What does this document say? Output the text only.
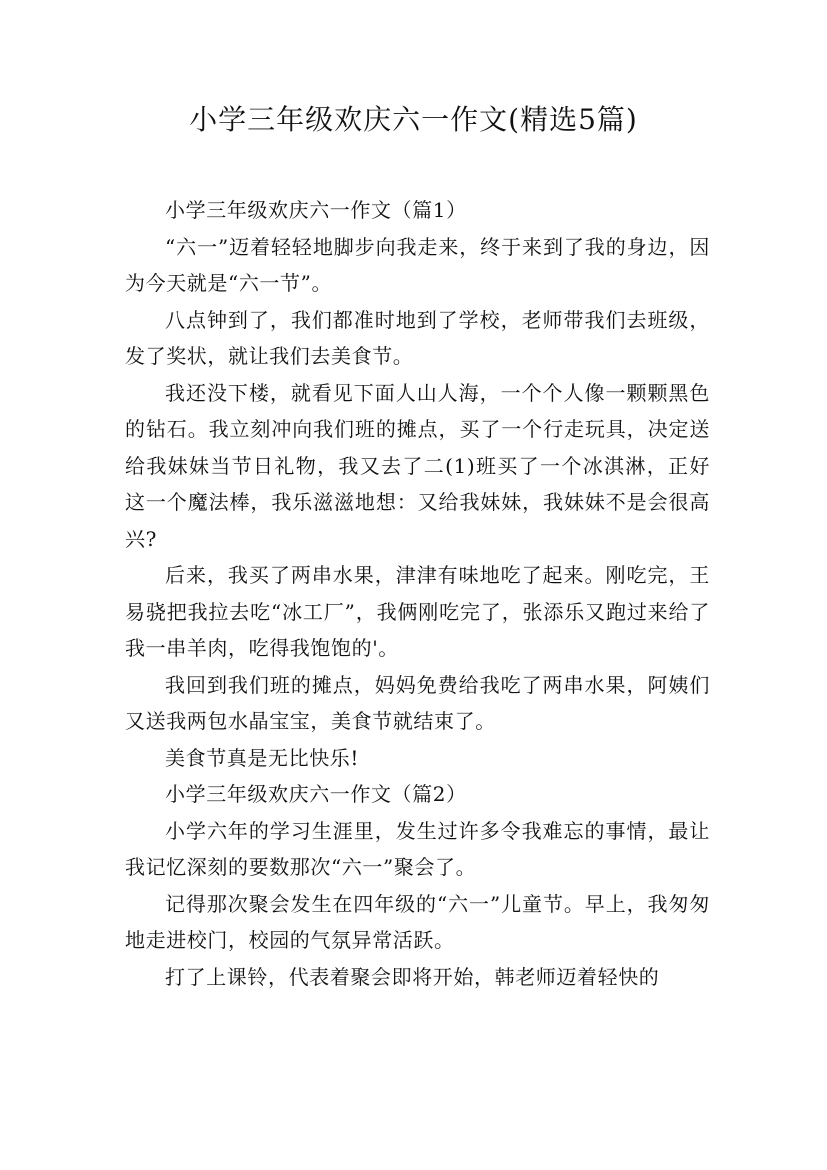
小学三年级欢庆六一作文(精选5篇)

小学三年级欢庆六一作文（篇1）

“六一”迈着轻轻地脚步向我走来，终于来到了我的身边，因为今天就是“六一节”。

八点钟到了，我们都准时地到了学校，老师带我们去班级，发了奖状，就让我们去美食节。

我还没下楼，就看见下面人山人海，一个个人像一颗颗黑色的钻石。我立刻冲向我们班的摊点，买了一个行走玩具，决定送给我妹妹当节日礼物，我又去了二(1)班买了一个冰淇淋，正好这一个魔法棒，我乐滋滋地想：又给我妹妹，我妹妹不是会很高兴?

后来，我买了两串水果，津津有味地吃了起来。刚吃完，王易骁把我拉去吃“冰工厂”，我俩刚吃完了，张添乐又跑过来给了我一串羊肉，吃得我饱饱的'。

我回到我们班的摊点，妈妈免费给我吃了两串水果，阿姨们又送我两包水晶宝宝，美食节就结束了。

美食节真是无比快乐!

小学三年级欢庆六一作文（篇2）

小学六年的学习生涯里，发生过许多令我难忘的事情，最让我记忆深刻的要数那次“六一”聚会了。

记得那次聚会发生在四年级的“六一”儿童节。早上，我匆匆地走进校门，校园的气氛异常活跃。

打了上课铃，代表着聚会即将开始，韩老师迈着轻快的
